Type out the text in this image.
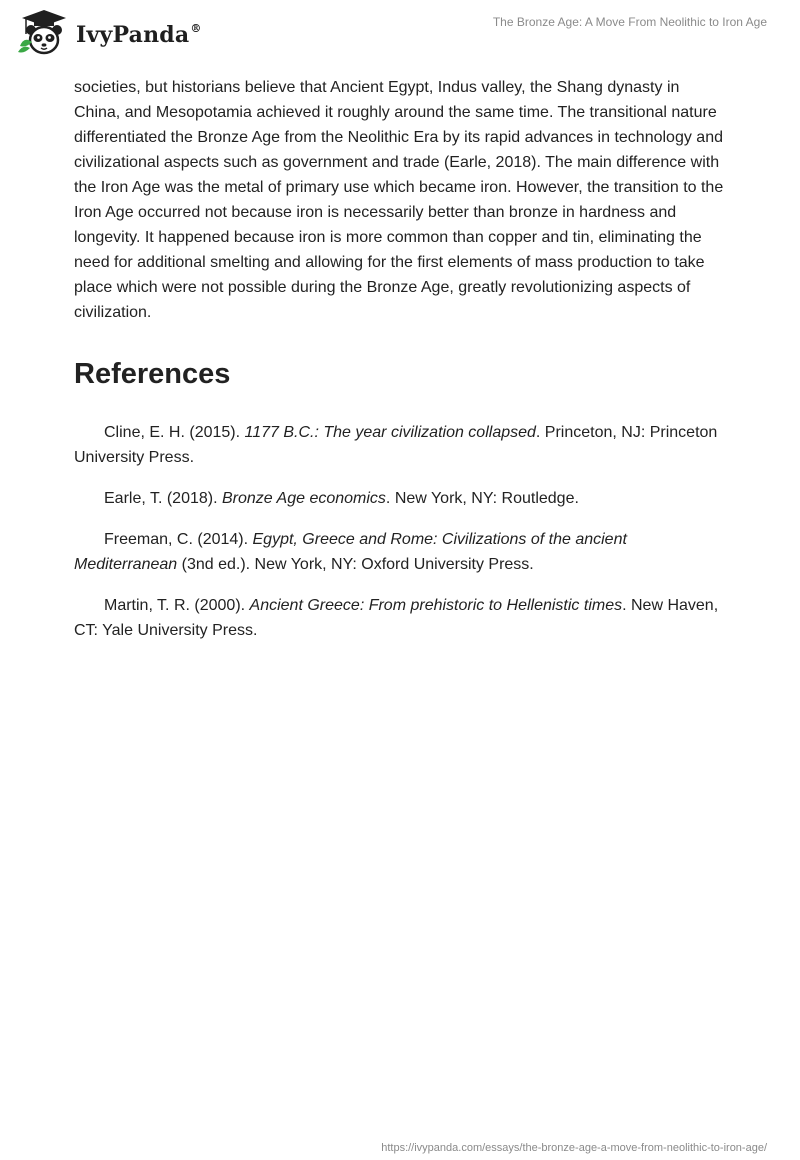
IvyPanda®	The Bronze Age: A Move From Neolithic to Iron Age

societies, but historians believe that Ancient Egypt, Indus valley, the Shang dynasty in China, and Mesopotamia achieved it roughly around the same time. The transitional nature differentiated the Bronze Age from the Neolithic Era by its rapid advances in technology and civilizational aspects such as government and trade (Earle, 2018). The main difference with the Iron Age was the metal of primary use which became iron. However, the transition to the Iron Age occurred not because iron is necessarily better than bronze in hardness and longevity. It happened because iron is more common than copper and tin, eliminating the need for additional smelting and allowing for the first elements of mass production to take place which were not possible during the Bronze Age, greatly revolutionizing aspects of civilization.

References

Cline, E. H. (2015). 1177 B.C.: The year civilization collapsed. Princeton, NJ: Princeton University Press.

Earle, T. (2018). Bronze Age economics. New York, NY: Routledge.

Freeman, C. (2014). Egypt, Greece and Rome: Civilizations of the ancient Mediterranean (3nd ed.). New York, NY: Oxford University Press.

Martin, T. R. (2000). Ancient Greece: From prehistoric to Hellenistic times. New Haven, CT: Yale University Press.

https://ivypanda.com/essays/the-bronze-age-a-move-from-neolithic-to-iron-age/
